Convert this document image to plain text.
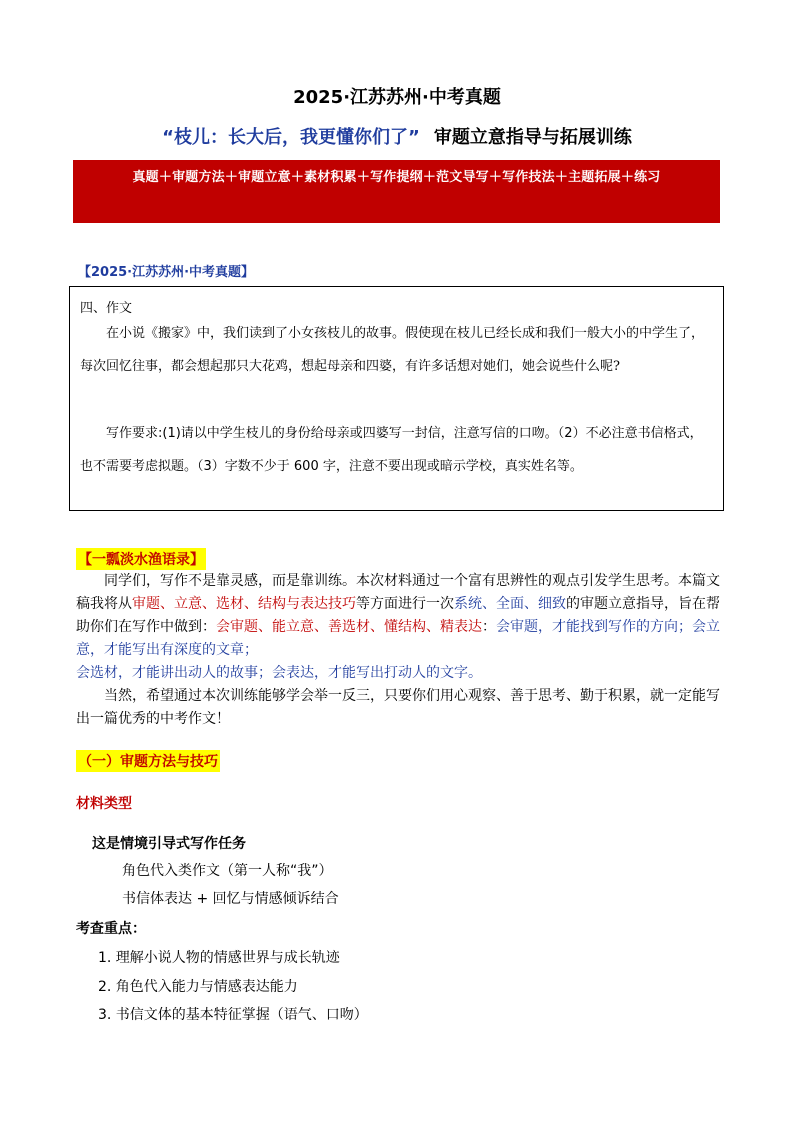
2025·江苏苏州·中考真题
“枝儿：长大后，我更懂你们了” 审题立意指导与拓展训练
真题＋审题方法＋审题立意＋素材积累＋写作提纲＋范文导写＋写作技法＋主题拓展＋练习
【2025·江苏苏州·中考真题】
四、作文
在小说《搬家》中，我们读到了小女孩枝儿的故事。假使现在枝儿已经长成和我们一般大小的中学生了，每次回忆往事，都会想起那只大花鸡，想起母亲和四婆，有许多话想对她们，她会说些什么呢?
写作要求:(1)请以中学生枝儿的身份给母亲或四婆写一封信，注意写信的口吻。（2）不必注意书信格式，也不需要考虑拟题。（3）字数不少于 600 字，注意不要出现或暗示学校，真实姓名等。
【一瓢淡水渔语录】
同学们，写作不是靠灵感，而是靠训练。本次材料通过一个富有思辨性的观点引发学生思考。本篇文稿我将从审题、立意、选材、结构与表达技巧等方面进行一次系统、全面、细致的审题立意指导，旨在帮助你们在写作中做到：会审题、能立意、善选材、懂结构、精表达：会审题，才能找到写作的方向；会立意，才能写出有深度的文章；
会选材，才能讲出动人的故事；会表达，才能写出打动人的文字。
当然，希望通过本次训练能够学会举一反三，只要你们用心观察、善于思考、勤于积累，就一定能写出一篇优秀的中考作文！
（一）审题方法与技巧
材料类型
这是情境引导式写作任务
角色代入类作文（第一人称“我”）
书信体表达 + 回忆与情感倾诉结合
考查重点：
1. 理解小说人物的情感世界与成长轨迹
2. 角色代入能力与情感表达能力
3. 书信文体的基本特征掌握（语气、口吻）
